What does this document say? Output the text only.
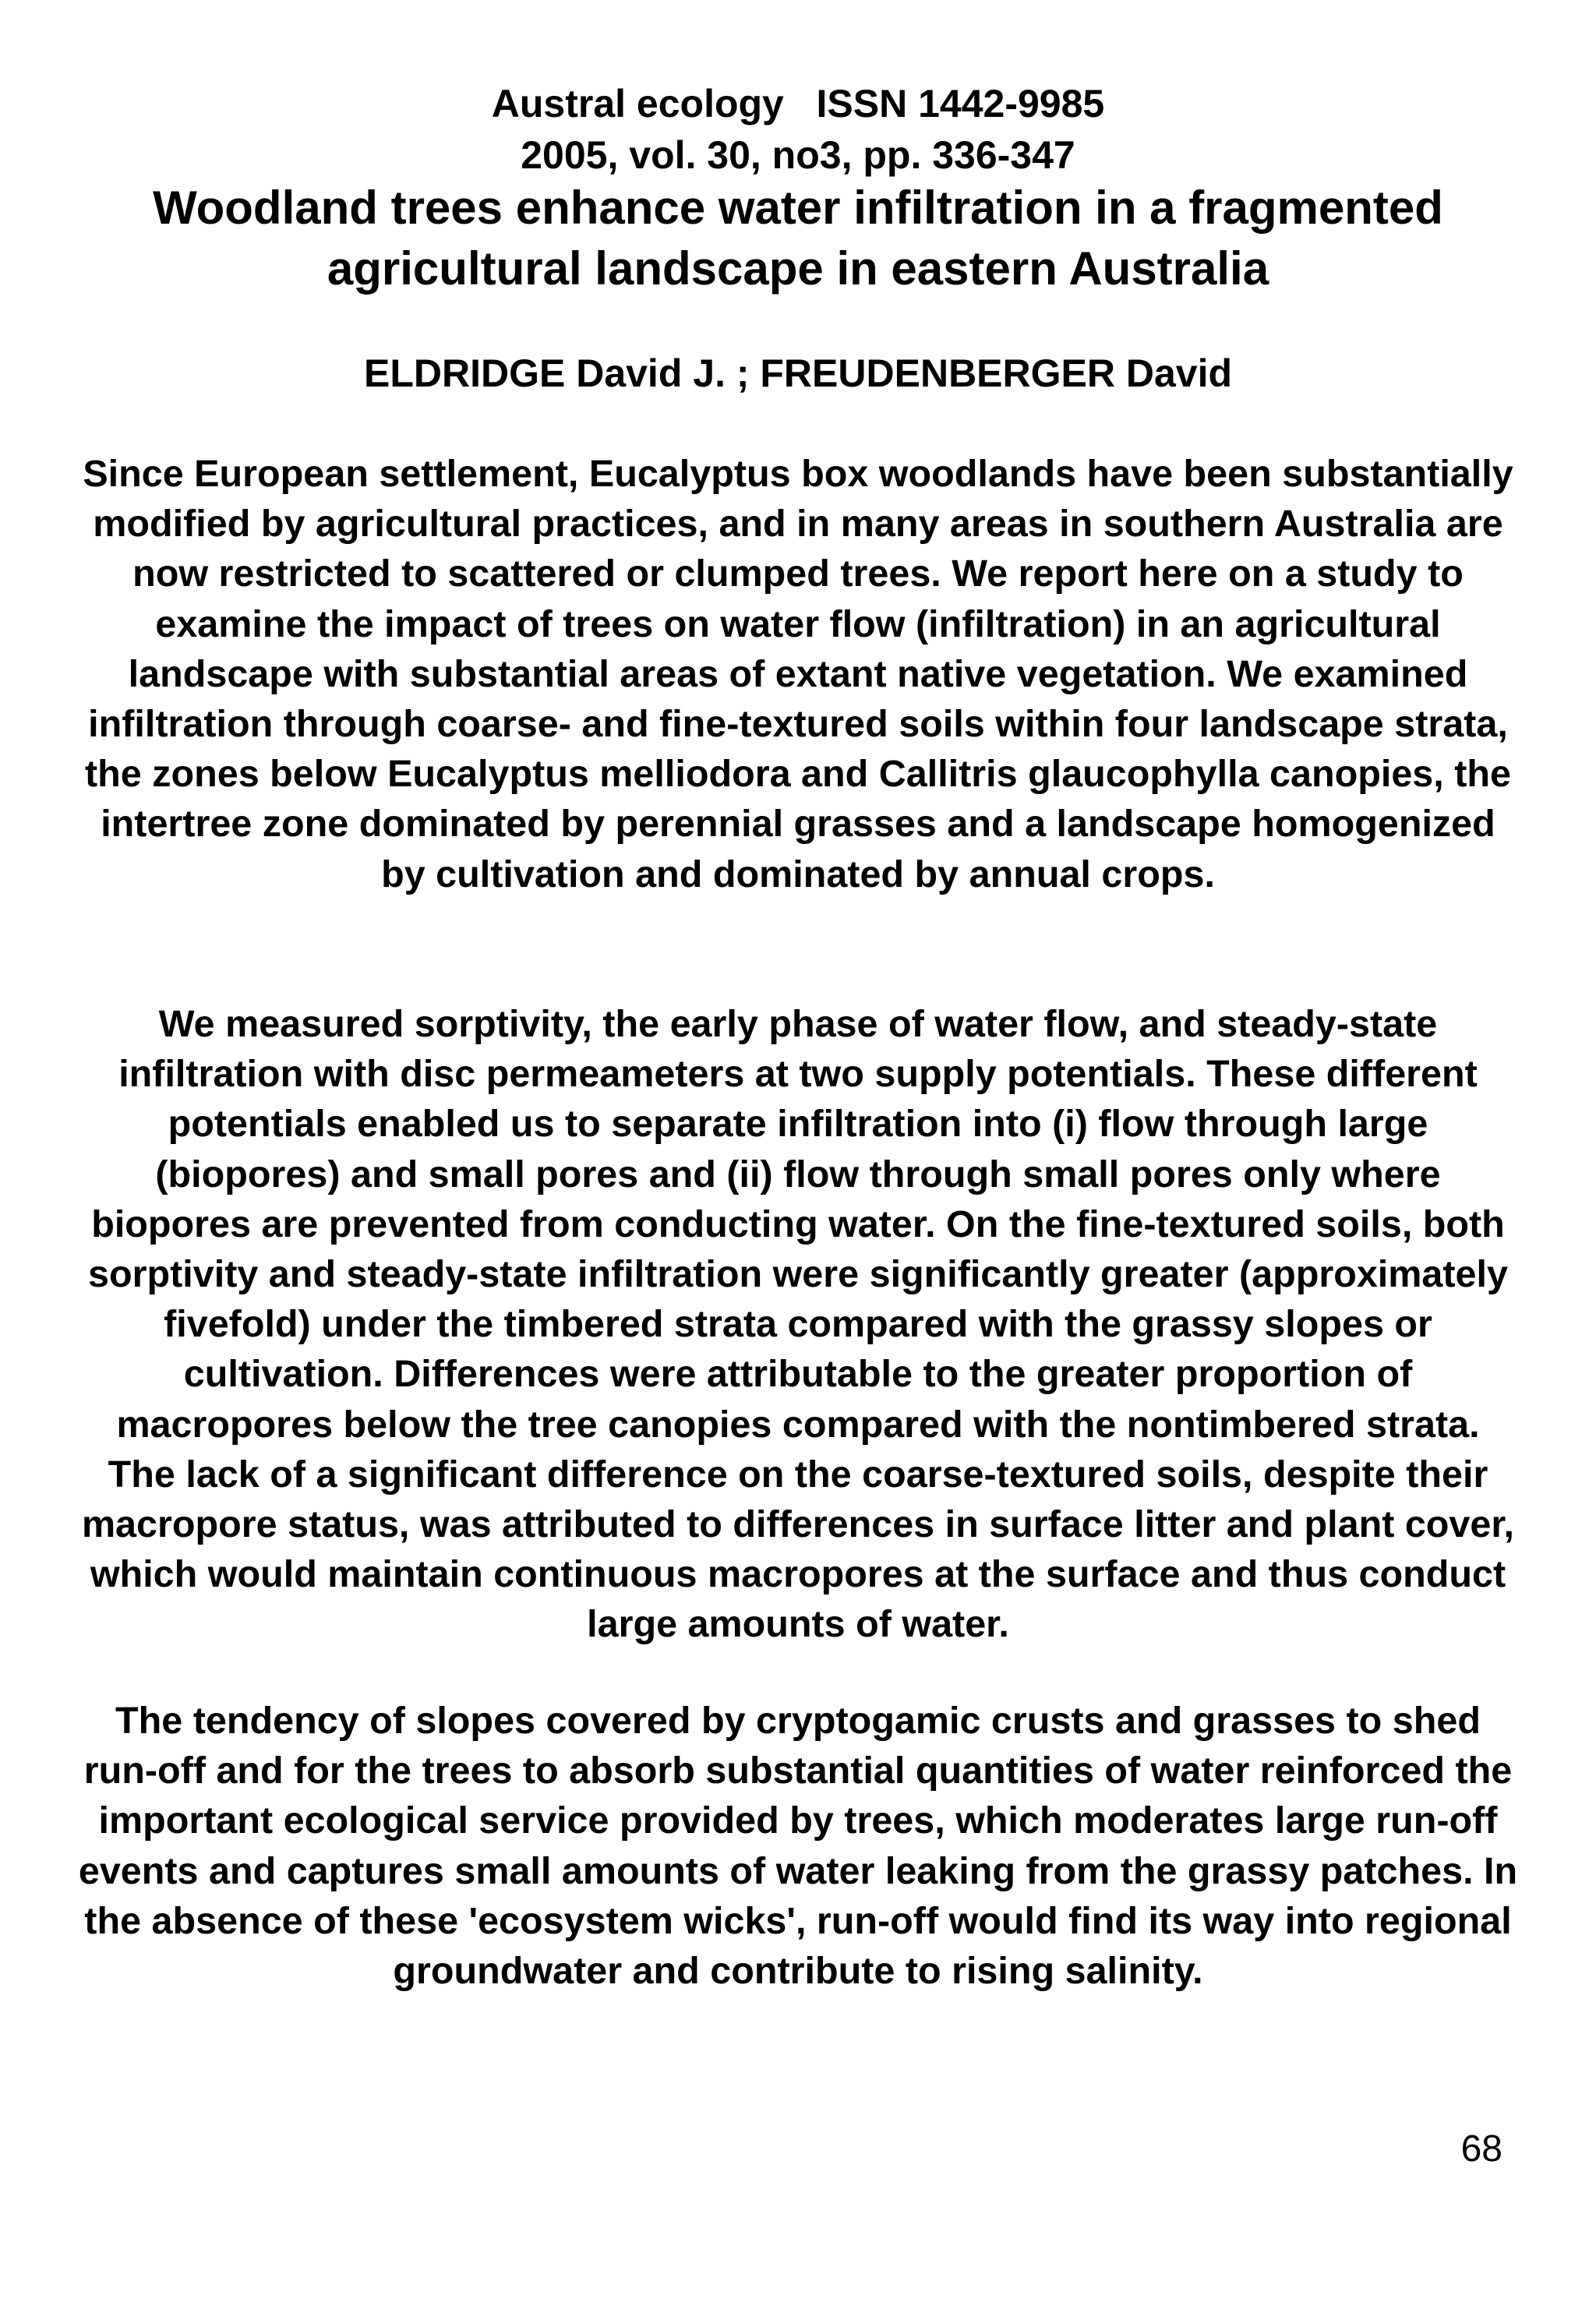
Austral ecology   ISSN 1442-9985
2005, vol. 30, no3, pp. 336-347
Woodland trees enhance water infiltration in a fragmented agricultural landscape in eastern Australia
ELDRIDGE David J. ; FREUDENBERGER David

Since European settlement, Eucalyptus box woodlands have been substantially modified by agricultural practices, and in many areas in southern Australia are now restricted to scattered or clumped trees. We report here on a study to examine the impact of trees on water flow (infiltration) in an agricultural landscape with substantial areas of extant native vegetation. We examined infiltration through coarse- and fine-textured soils within four landscape strata, the zones below Eucalyptus melliodora and Callitris glaucophylla canopies, the intertree zone dominated by perennial grasses and a landscape homogenized by cultivation and dominated by annual crops.

We measured sorptivity, the early phase of water flow, and steady-state infiltration with disc permeameters at two supply potentials. These different potentials enabled us to separate infiltration into (i) flow through large (biopores) and small pores and (ii) flow through small pores only where biopores are prevented from conducting water. On the fine-textured soils, both sorptivity and steady-state infiltration were significantly greater (approximately fivefold) under the timbered strata compared with the grassy slopes or cultivation. Differences were attributable to the greater proportion of macropores below the tree canopies compared with the nontimbered strata. The lack of a significant difference on the coarse-textured soils, despite their macropore status, was attributed to differences in surface litter and plant cover, which would maintain continuous macropores at the surface and thus conduct large amounts of water.

The tendency of slopes covered by cryptogamic crusts and grasses to shed run-off and for the trees to absorb substantial quantities of water reinforced the important ecological service provided by trees, which moderates large run-off events and captures small amounts of water leaking from the grassy patches. In the absence of these 'ecosystem wicks', run-off would find its way into regional groundwater and contribute to rising salinity.

68
